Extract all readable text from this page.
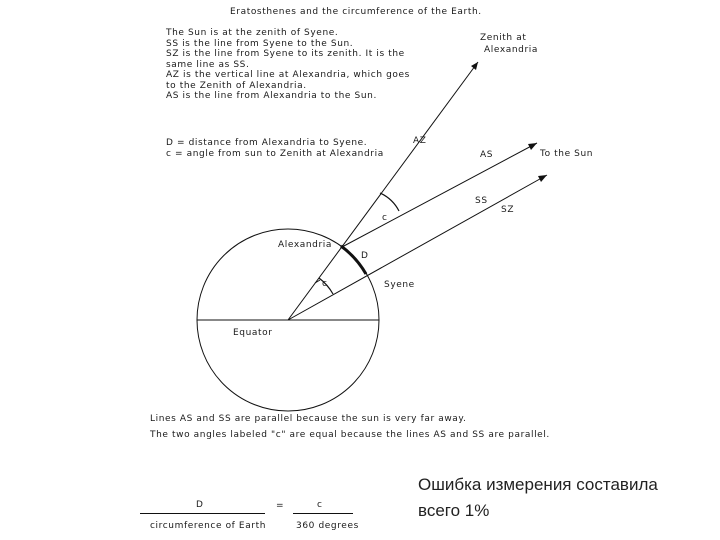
Eratosthenes and the circumference of the Earth.
The Sun is at the zenith of Syene.
SS is the line from Syene to the Sun.
SZ is the line from Syene to its zenith. It is the
same line as SS.
AZ is the vertical line at Alexandria, which goes
to the Zenith of Alexandria.
AS is the line from Alexandria to the Sun.
D = distance from Alexandria to Syene.
c = angle from sun to Zenith at Alexandria
Zenith at
Alexandria
AZ
AS	To the Sun
SS
SZ
c
Alexandria
D
c	Syene
Equator
Lines AS and SS are parallel because the sun is very far away.
The two angles labeled "c" are equal because the lines AS and SS are parallel.
D
circumference of Earth
=	c
360 degrees
Ошибка измерения составила
всего 1%
